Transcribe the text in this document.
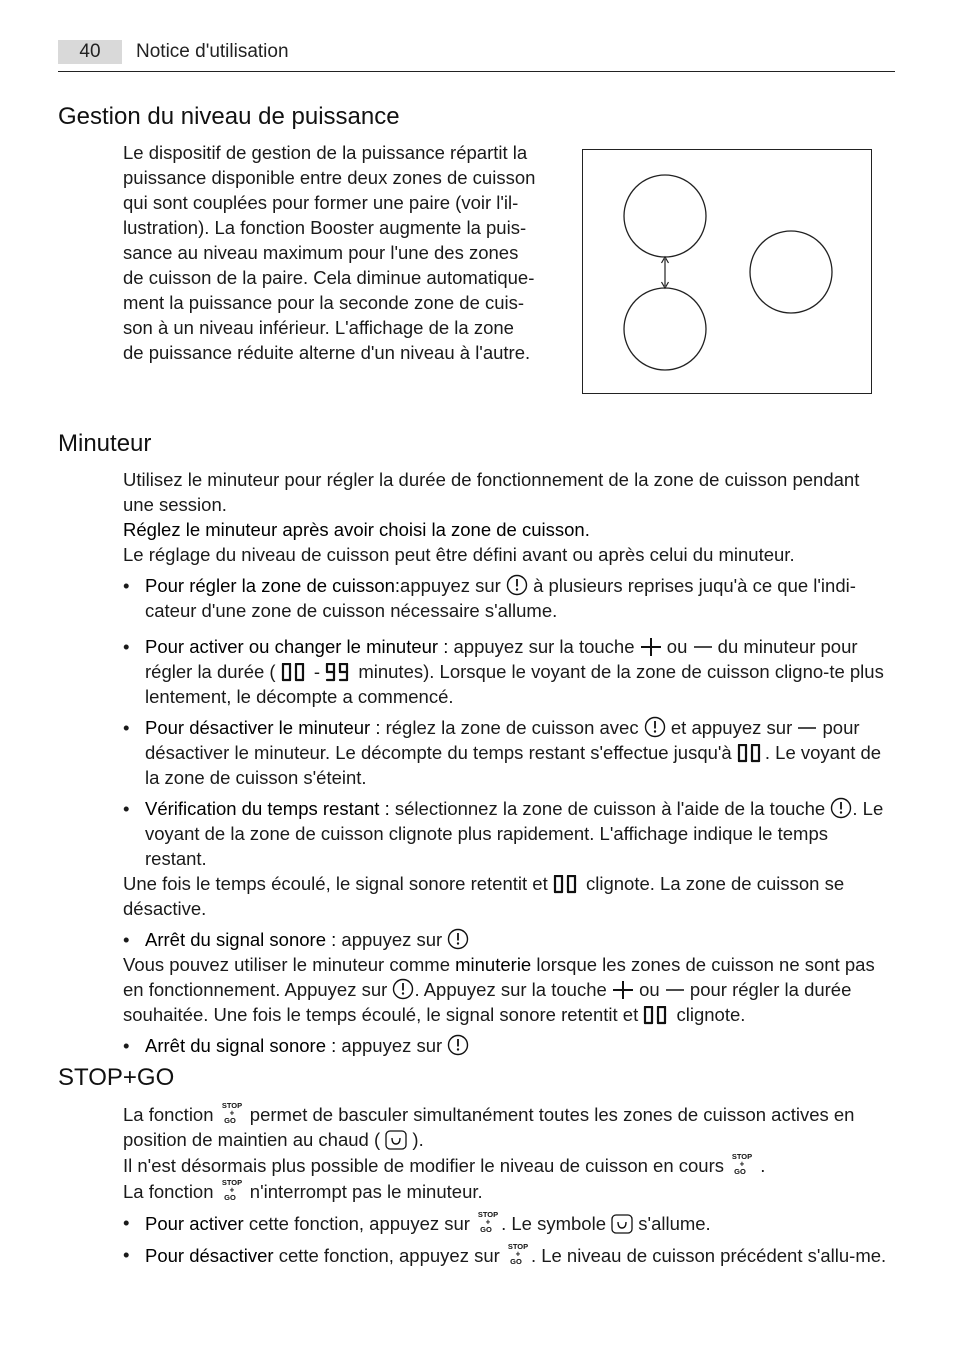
40	Notice d'utilisation
Gestion du niveau de puissance
Le dispositif de gestion de la puissance répartit la
puissance disponible entre deux zones de cuisson
qui sont couplées pour former une paire (voir l'il-
lustration). La fonction Booster augmente la puis-
sance au niveau maximum pour l'une des zones
de cuisson de la paire. Cela diminue automatique-
ment la puissance pour la seconde zone de cuis-
son à un niveau inférieur. L'affichage de la zone
de puissance réduite alterne d'un niveau à l'autre.
Minuteur
Utilisez le minuteur pour régler la durée de fonctionnement de la zone de cuisson pendant une session.
Réglez le minuteur après avoir choisi la zone de cuisson.
Le réglage du niveau de cuisson peut être défini avant ou après celui du minuteur.
• Pour régler la zone de cuisson:appuyez sur à plusieurs reprises juqu'à ce que l'indi-cateur d'une zone de cuisson nécessaire s'allume.
• Pour activer ou changer le minuteur : appuyez sur la touche ou du minuteur pour régler la durée ( - minutes). Lorsque le voyant de la zone de cuisson cligno-te plus lentement, le décompte a commencé.
• Pour désactiver le minuteur : réglez la zone de cuisson avec et appuyez sur pour désactiver le minuteur. Le décompte du temps restant s'effectue jusqu'à . Le voyant de la zone de cuisson s'éteint.
• Vérification du temps restant : sélectionnez la zone de cuisson à l'aide de la touche . Le voyant de la zone de cuisson clignote plus rapidement. L'affichage indique le temps restant.
Une fois le temps écoulé, le signal sonore retentit et clignote. La zone de cuisson se désactive.
• Arrêt du signal sonore : appuyez sur
Vous pouvez utiliser le minuteur comme minuterie lorsque les zones de cuisson ne sont pas en fonctionnement. Appuyez sur . Appuyez sur la touche ou pour régler la durée souhaitée. Une fois le temps écoulé, le signal sonore retentit et clignote.
• Arrêt du signal sonore : appuyez sur
STOP+GO
La fonction STOP
+
GO permet de basculer simultanément toutes les zones de cuisson actives en position de maintien au chaud ( ).
Il n'est désormais plus possible de modifier le niveau de cuisson en cours STOP
+
GO .
La fonction STOP
+
GO n'interrompt pas le minuteur.
• Pour activer cette fonction, appuyez sur STOP
+
GO . Le symbole s'allume.
• Pour désactiver cette fonction, appuyez sur STOP
+
GO . Le niveau de cuisson précédent s'allu-me.
